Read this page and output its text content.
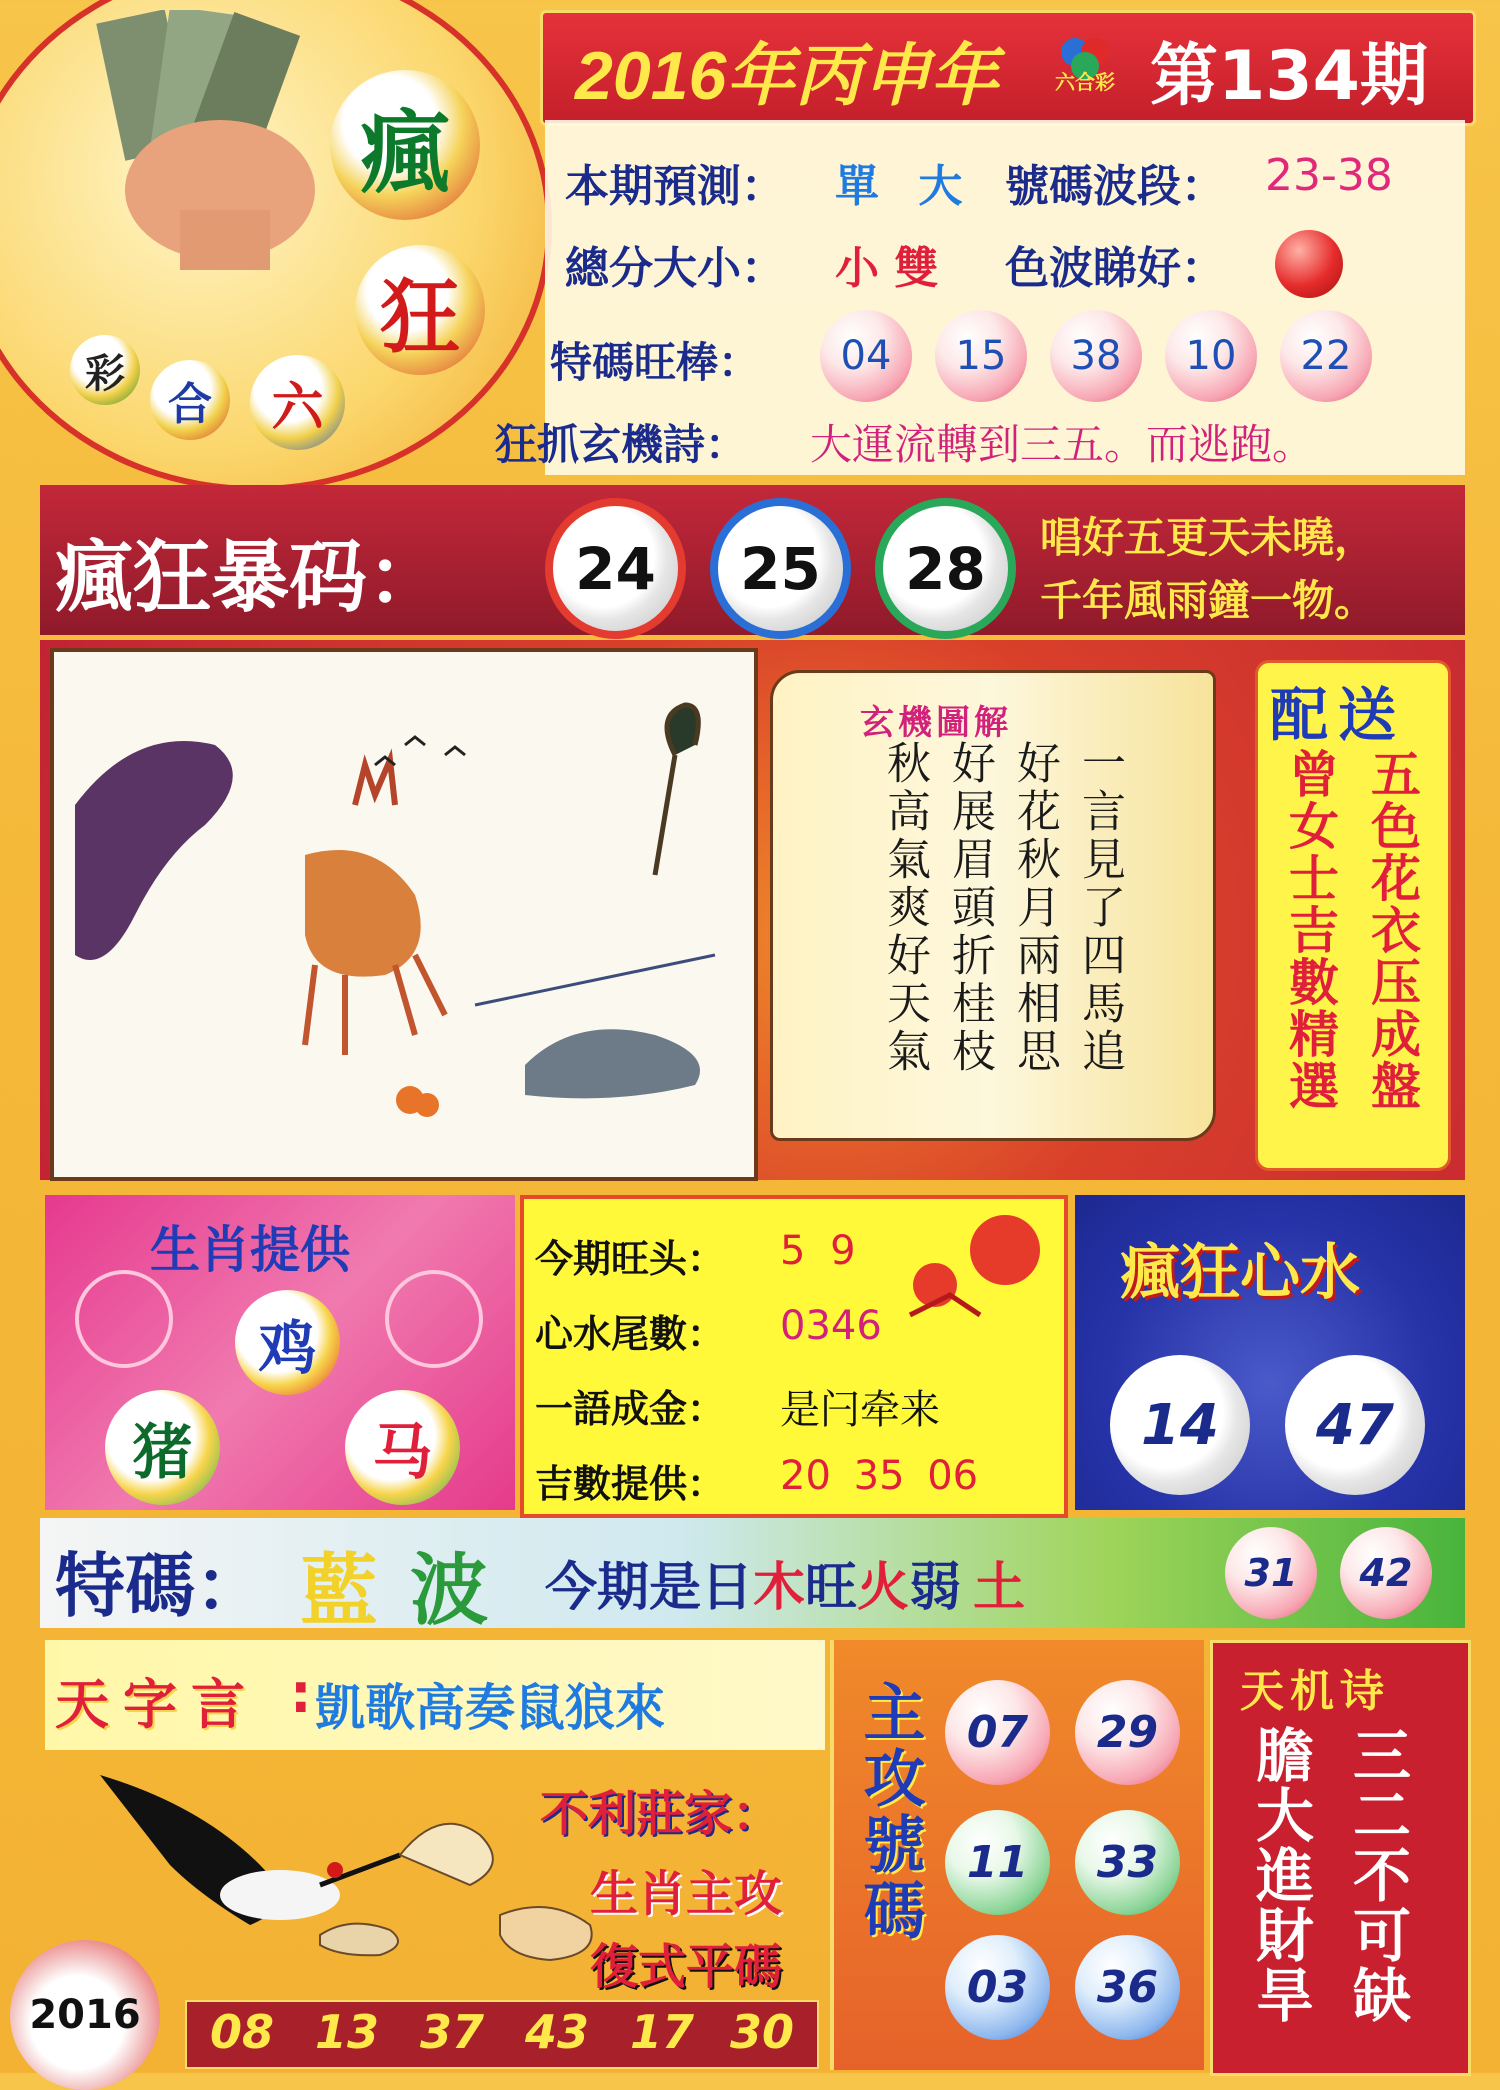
瘋
狂
彩
合	六
2016年丙申年	六合彩 第134期
本期預測： 單 大 號碼波段： 23-38
總分大小： 小 雙 色波睇好：
特碼旺棒：	04	15	38	10	22
狂抓玄機詩： 大運流轉到三五。而逃跑。
瘋狂暴码：	24	25	28	唱好五更天未曉，
千年風雨鐘一物。
玄機圖解
一言見了四馬追
好花秋月兩相思
好展眉頭折桂枝
秋高氣爽好天氣
配送
五色花衣压成盤
曾女士吉數精選
生肖提供
鸡
猪	马
今期旺头： 5 9
心水尾數： 0346
一語成金： 是闩牵来
吉數提供： 20 35 06
瘋狂心水
14	47
特碼： 藍 波 今期是日木旺火弱 土	31	42
天字言 : 凱歌高奏鼠狼來
不利莊家：
生肖主攻
復式平碼
2016	08 13 37 43 17 30
主攻號碼 07	29
11	33
03	36
天机诗
三二不可缺
膽大進財旱
